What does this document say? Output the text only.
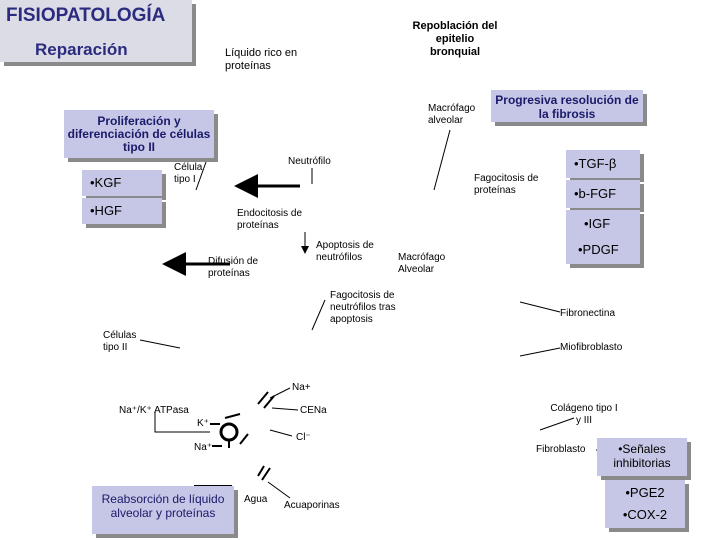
FISIOPATOLOGÍA
Reparación
Repoblación del epitelio bronquial
Líquido rico en proteínas
Macrófago alveolar
Progresiva resolución de la fibrosis
Proliferación y diferenciación de células tipo II
•KGF
•HGF
Célula tipo I
Neutrófilo
Fagocitosis de proteínas
•TGF-β
•b-FGF
•IGF
•PDGF
Endocitosis de proteínas
Apoptosis de neutrófilos	Macrófago Alveolar
Difusión de proteínas
Fagocitosis de neutrófilos tras apoptosis
Fibronectina
Células tipo II	Miofibroblasto
Na+
Na⁺/K⁺ ATPasa	CENa
K⁺
Cl⁻
Na⁺
Colágeno tipo I y III
Fibroblasto	•Señales inhibitorias
•PGE2
•COX-2
Reabsorción de líquido alveolar y proteínas
Agua
Acuaporinas
